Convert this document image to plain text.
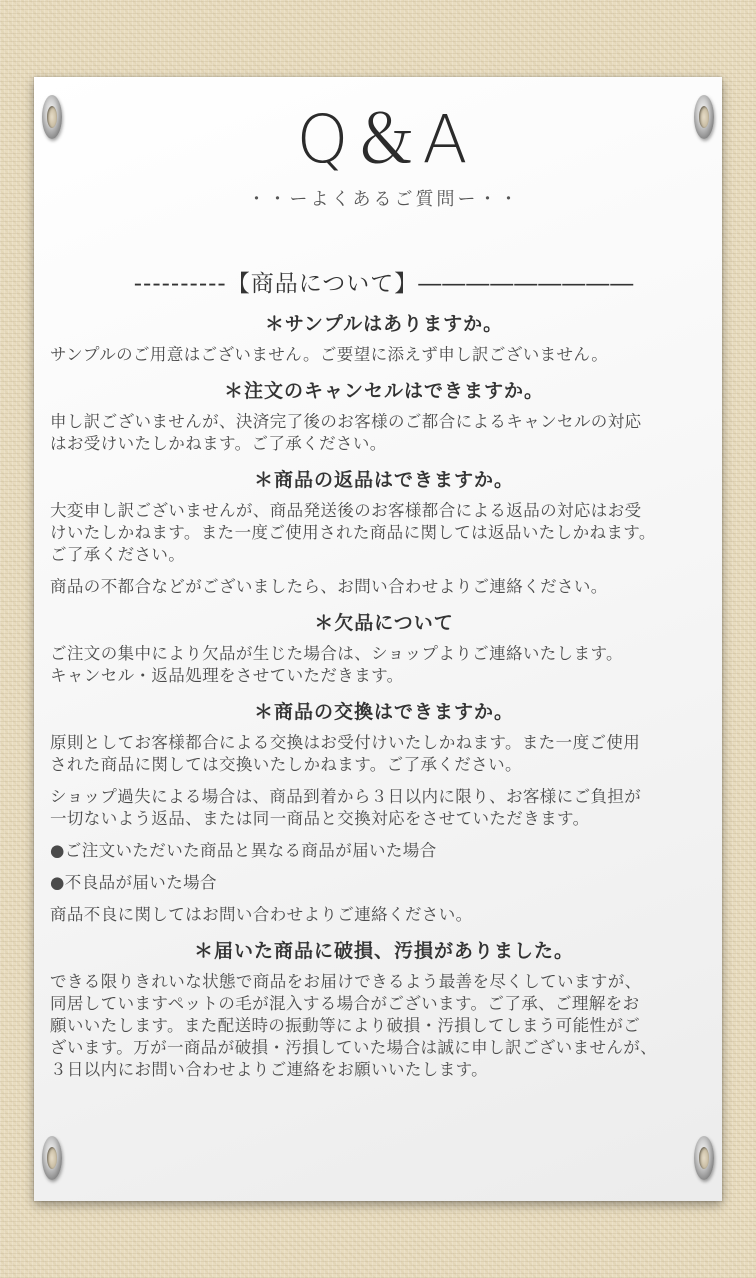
Q＆A
・・ーよくあるご質問ー・・
----------【商品について】―――――――――
＊サンプルはありますか。

サンプルのご用意はございません。ご要望に添えず申し訳ございません。

＊注文のキャンセルはできますか。

申し訳ございませんが、決済完了後のお客様のご都合によるキャンセルの対応
はお受けいたしかねます。ご了承ください。

＊商品の返品はできますか。

大変申し訳ございませんが、商品発送後のお客様都合による返品の対応はお受
けいたしかねます。また一度ご使用された商品に関しては返品いたしかねます。
ご了承ください。

商品の不都合などがございましたら、お問い合わせよりご連絡ください。

＊欠品について

ご注文の集中により欠品が生じた場合は、ショップよりご連絡いたします。
キャンセル・返品処理をさせていただきます。

＊商品の交換はできますか。

原則としてお客様都合による交換はお受付けいたしかねます。また一度ご使用
された商品に関しては交換いたしかねます。ご了承ください。

ショップ過失による場合は、商品到着から３日以内に限り、お客様にご負担が
一切ないよう返品、または同一商品と交換対応をさせていただきます。

●ご注文いただいた商品と異なる商品が届いた場合

●不良品が届いた場合

商品不良に関してはお問い合わせよりご連絡ください。

＊届いた商品に破損、汚損がありました。

できる限りきれいな状態で商品をお届けできるよう最善を尽くしていますが、
同居していますペットの毛が混入する場合がございます。ご了承、ご理解をお
願いいたします。また配送時の振動等により破損・汚損してしまう可能性がご
ざいます。万が一商品が破損・汚損していた場合は誠に申し訳ございませんが、
３日以内にお問い合わせよりご連絡をお願いいたします。
